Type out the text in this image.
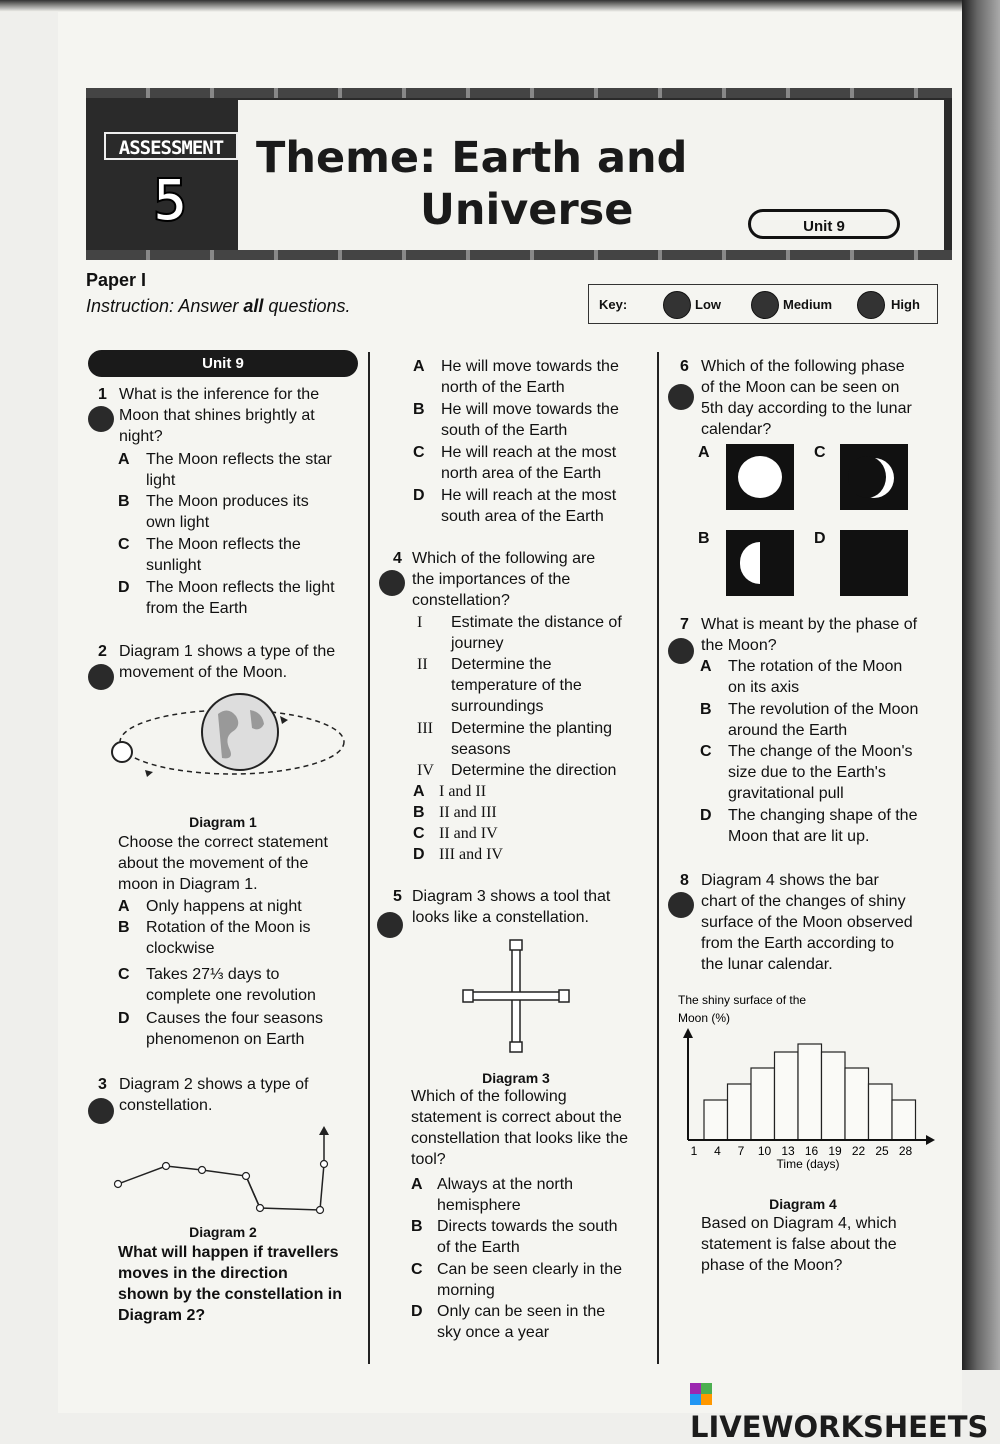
ASSESSMENT
5
Theme: Earth and
Universe	Unit 9
Paper I
Instruction: Answer all questions.	Key:	Low	Medium	High
Unit 9
1 What is the inference for the
Moon that shines brightly at
night?
A The Moon reflects the star
light
B The Moon produces its
own light
C The Moon reflects the
sunlight
D The Moon reflects the light
from the Earth
2 Diagram 1 shows a type of the
movement of the Moon.
Diagram 1
Choose the correct statement
about the movement of the
moon in Diagram 1.
A Only happens at night
B Rotation of the Moon is
clockwise
C Takes 27⅓ days to
complete one revolution
D Causes the four seasons
phenomenon on Earth
3 Diagram 2 shows a type of
constellation.
Diagram 2
What will happen if travellers
moves in the direction
shown by the constellation in
Diagram 2?
A He will move towards the
north of the Earth
B He will move towards the
south of the Earth
C He will reach at the most
north area of the Earth
D He will reach at the most
south area of the Earth
4 Which of the following are
the importances of the
constellation?
I Estimate the distance of
journey
II Determine the
temperature of the
surroundings
III Determine the planting
seasons
IV Determine the direction
A I and II
B II and III
C II and IV
D III and IV
5 Diagram 3 shows a tool that
looks like a constellation.
Diagram 3
Which of the following
statement is correct about the
constellation that looks like the
tool?
A Always at the north
hemisphere
B Directs towards the south
of the Earth
C Can be seen clearly in the
morning
D Only can be seen in the
sky once a year
6 Which of the following phase
of the Moon can be seen on
5th day according to the lunar
calendar?
A	C
B	D
7 What is meant by the phase of
the Moon?
A The rotation of the Moon
on its axis
B The revolution of the Moon
around the Earth
C The change of the Moon's
size due to the Earth's
gravitational pull
D The changing shape of the
Moon that are lit up.
8 Diagram 4 shows the bar
chart of the changes of shiny
surface of the Moon observed
from the Earth according to
the lunar calendar.
The shiny surface of the
Moon (%)
1 4 7 10 13 16 19 22 25 28
Time (days)
Diagram 4
Based on Diagram 4, which
statement is false about the
phase of the Moon?
LIVEWORKSHEETS
